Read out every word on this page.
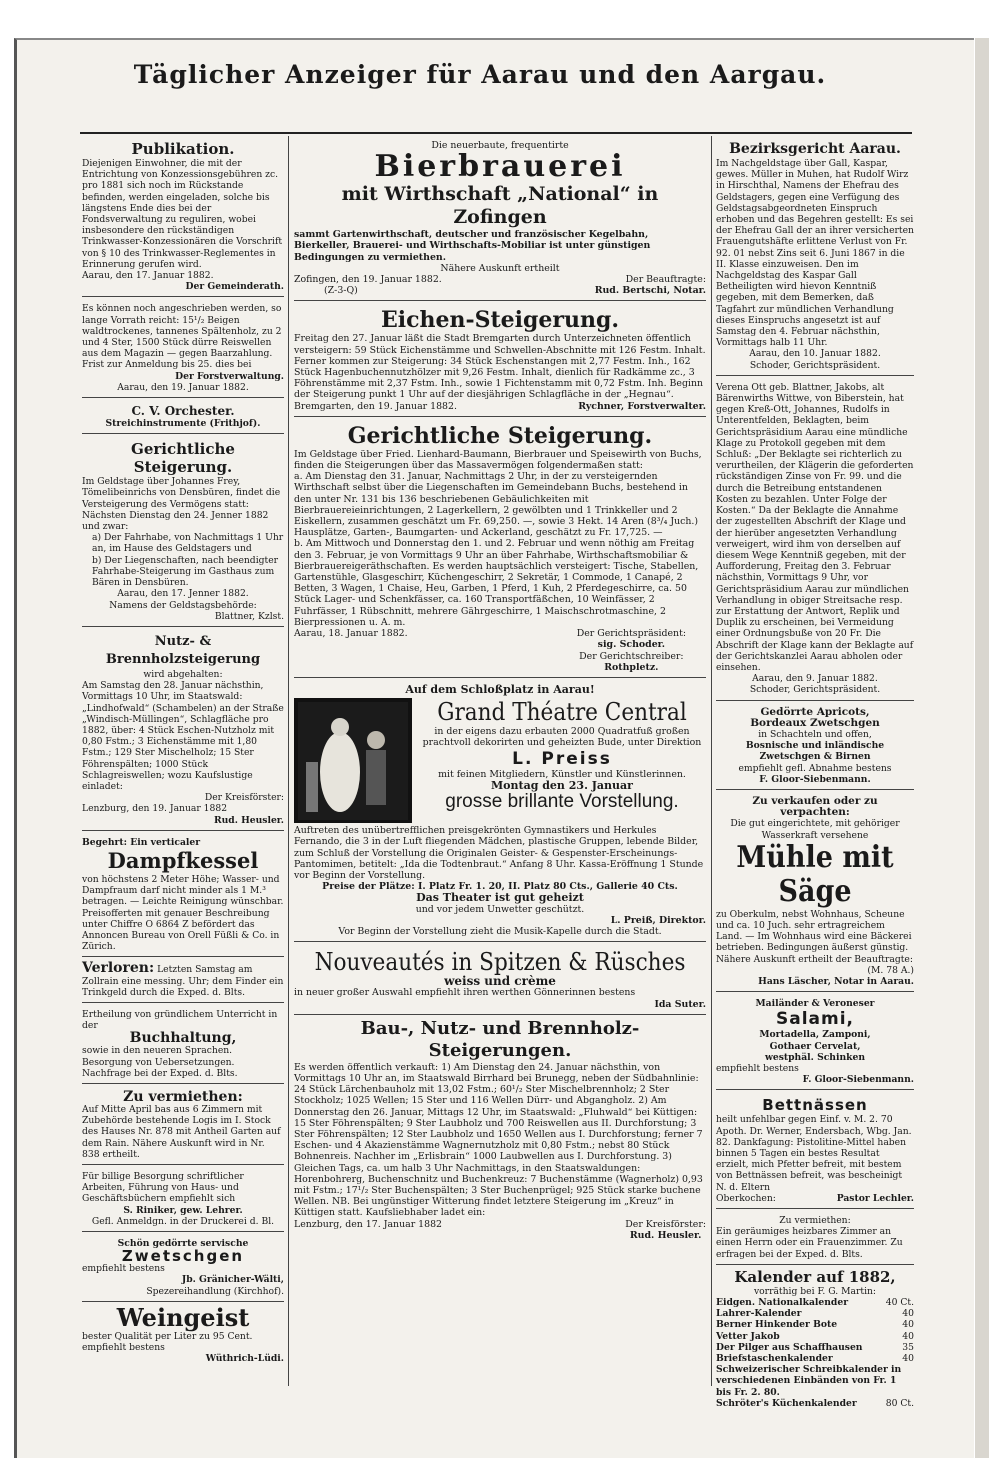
Täglicher Anzeiger für Aarau und den Aargau.

Publikation.

Diejenigen Einwohner, die mit der Entrichtung von Konzessionsgebühren zc. pro 1881 sich noch im Rückstande befinden, werden eingeladen, solche bis längstens Ende dies bei der Fondsverwaltung zu reguliren, wobei insbesondere den rückständigen Trinkwasser-Konzessionären die Vorschrift von § 10 des Trinkwasser-Reglementes in Erinnerung gerufen wird.

Aarau, den 17. Januar 1882.

Der Gemeinderath.

Es können noch angeschrieben werden, so lange Vorrath reicht: 15¹/₂ Beigen waldtrockenes, tannenes Spältenholz, zu 2 und 4 Ster, 1500 Stück dürre Reiswellen aus dem Magazin — gegen Baarzahlung. Frist zur Anmeldung bis 25. dies bei

Der Forstverwaltung.

Aarau, den 19. Januar 1882.

C. V. Orchester.

Streichinstrumente (Frithjof).

Gerichtliche Steigerung.

Im Geldstage über Johannes Frey, Tömelibeinrichs von Densbüren, findet die Versteigerung des Vermögens statt: Nächsten Dienstag den 24. Jenner 1882 und zwar:

a) Der Fahrhabe, von Nachmittags 1 Uhr an, im Hause des Geldstagers und

b) Der Liegenschaften, nach beendigter Fahrhabe-Steigerung im Gasthaus zum Bären in Densbüren.

Aarau, den 17. Jenner 1882.

Namens der Geldstagsbehörde:

Blattner, Kzlst.

Nutz- & Brennholzsteigerung

wird abgehalten:

Am Samstag den 28. Januar nächsthin, Vormittags 10 Uhr, im Staatswald: „Lindhofwald“ (Schambelen) an der Straße „Windisch-Müllingen“, Schlagfläche pro 1882, über: 4 Stück Eschen-Nutzholz mit 0,80 Fstm.; 3 Eichenstämme mit 1,80 Fstm.; 129 Ster Mischelholz; 15 Ster Föhrenspälten; 1000 Stück Schlagreiswellen; wozu Kaufslustige einladet:

Der Kreisförster:

Lenzburg, den 19. Januar 1882

Rud. Heusler.

Begehrt: Ein verticaler

Dampfkessel

von höchstens 2 Meter Höhe; Wasser- und Dampfraum darf nicht minder als 1 M.³ betragen. — Leichte Reinigung wünschbar. Preisofferten mit genauer Beschreibung unter Chiffre O 6864 Z befördert das Annoncen Bureau von Orell Füßli & Co. in Zürich.

Verloren: Letzten Samstag am Zollrain eine messing. Uhr; dem Finder ein Trinkgeld durch die Exped. d. Blts.

Ertheilung von gründlichem Unterricht in der

Buchhaltung,

sowie in den neueren Sprachen. Besorgung von Uebersetzungen. Nachfrage bei der Exped. d. Blts.

Zu vermiethen:

Auf Mitte April bas aus 6 Zimmern mit Zubehörde bestehende Logis im I. Stock des Hauses Nr. 878 mit Antheil Garten auf dem Rain. Nähere Auskunft wird in Nr. 838 ertheilt.

Für billige Besorgung schriftlicher Arbeiten, Führung von Haus- und Geschäftsbüchern empfiehlt sich

S. Riniker, gew. Lehrer.

Gefl. Anmeldgn. in der Druckerei d. Bl.

Schön gedörrte servische

Zwetschgen

empfiehlt bestens

Jb. Gränicher-Wälti,

Spezereihandlung (Kirchhof).

Weingeist

bester Qualität per Liter zu 95 Cent. empfiehlt bestens

Wüthrich-Lüdi.

Die neuerbaute, frequentirte

Bierbrauerei

mit Wirthschaft „National“ in Zofingen

sammt Gartenwirthschaft, deutscher und französischer Kegelbahn, Bierkeller, Brauerei- und Wirthschafts-Mobiliar ist unter günstigen Bedingungen zu vermiethen.

Nähere Auskunft ertheilt

Zofingen, den 19. Januar 1882.

(Z-3-Q)

Der Beauftragte:

Rud. Bertschi, Notar.

Eichen-Steigerung.

Freitag den 27. Januar läßt die Stadt Bremgarten durch Unterzeichneten öffentlich versteigern: 59 Stück Eichenstämme und Schwellen-Abschnitte mit 126 Festm. Inhalt. Ferner kommen zur Steigerung: 34 Stück Eschenstangen mit 2,77 Festm. Inh., 162 Stück Hagenbuchennutzhölzer mit 9,26 Festm. Inhalt, dienlich für Radkämme zc., 3 Föhrenstämme mit 2,37 Fstm. Inh., sowie 1 Fichtenstamm mit 0,72 Fstm. Inh. Beginn der Steigerung punkt 1 Uhr auf der diesjährigen Schlagfläche in der „Hegnau“.

Bremgarten, den 19. Januar 1882.	Rychner, Forstverwalter.

Gerichtliche Steigerung.

Im Geldstage über Fried. Lienhard-Baumann, Bierbrauer und Speisewirth von Buchs, finden die Steigerungen über das Massavermögen folgendermaßen statt:

a. Am Dienstag den 31. Januar, Nachmittags 2 Uhr, in der zu versteigernden Wirthschaft selbst über die Liegenschaften im Gemeindebann Buchs, bestehend in den unter Nr. 131 bis 136 beschriebenen Gebäulichkeiten mit Bierbrauereieinrichtungen, 2 Lagerkellern, 2 gewölbten und 1 Trinkkeller und 2 Eiskellern, zusammen geschätzt um Fr. 69,250. —, sowie 3 Hekt. 14 Aren (8³/₄ Juch.) Hausplätze, Garten-, Baumgarten- und Ackerland, geschätzt zu Fr. 17,725. —

b. Am Mittwoch und Donnerstag den 1. und 2. Februar und wenn nöthig am Freitag den 3. Februar, je von Vormittags 9 Uhr an über Fahrhabe, Wirthschaftsmobiliar & Bierbrauereigeräthschaften. Es werden hauptsächlich versteigert: Tische, Stabellen, Gartenstühle, Glasgeschirr, Küchengeschirr, 2 Sekretär, 1 Commode, 1 Canapé, 2 Betten, 3 Wagen, 1 Chaise, Heu, Garben, 1 Pferd, 1 Kuh, 2 Pferdegeschirre, ca. 50 Stück Lager- und Schenkfässer, ca. 160 Transportfäßchen, 10 Weinfässer, 2 Fuhrfässer, 1 Rübschnitt, mehrere Gährgeschirre, 1 Maischschrotmaschine, 2 Bierpressionen u. A. m.

Aarau, 18. Januar 1882.	Der Gerichtspräsident:

sig. Schoder.

Der Gerichtschreiber:

Rothpletz.

Auf dem Schloßplatz in Aarau!

Grand Théatre Central

in der eigens dazu erbauten 2000 Quadratfuß großen prachtvoll dekorirten und geheizten Bude, unter Direktion

L. Preiss

mit feinen Mitgliedern, Künstler und Künstlerinnen.

Montag den 23. Januar

grosse brillante Vorstellung.

Auftreten des unübertrefflichen preisgekrönten Gymnastikers und Herkules Fernando, die 3 in der Luft fliegenden Mädchen, plastische Gruppen, lebende Bilder, zum Schluß der Vorstellung die Originalen Geister- & Gespenster-Erscheinungs-Pantomimen, betitelt: „Ida die Todtenbraut.“ Anfang 8 Uhr. Kassa-Eröffnung 1 Stunde vor Beginn der Vorstellung.

Preise der Plätze: I. Platz Fr. 1. 20, II. Platz 80 Cts., Gallerie 40 Cts.

Das Theater ist gut geheizt

und vor jedem Unwetter geschützt.

L. Preiß, Direktor.

Vor Beginn der Vorstellung zieht die Musik-Kapelle durch die Stadt.

Nouveautés in Spitzen & Rüsches

weiss und crème

in neuer großer Auswahl empfiehlt ihren werthen Gönnerinnen bestens

Ida Suter.

Bau-, Nutz- und Brennholz-Steigerungen.

Es werden öffentlich verkauft: 1) Am Dienstag den 24. Januar nächsthin, von Vormittags 10 Uhr an, im Staatswald Birrhard bei Brunegg, neben der Südbahnlinie: 24 Stück Lärchenbauholz mit 13,02 Fstm.; 60¹/₂ Ster Mischelbrennholz; 2 Ster Stockholz; 1025 Wellen; 15 Ster und 116 Wellen Dürr- und Abgangholz. 2) Am Donnerstag den 26. Januar, Mittags 12 Uhr, im Staatswald: „Fluhwald“ bei Küttigen: 15 Ster Föhrenspälten; 9 Ster Laubholz und 700 Reiswellen aus II. Durchforstung; 3 Ster Föhrenspälten; 12 Ster Laubholz und 1650 Wellen aus I. Durchforstung; ferner 7 Eschen- und 4 Akazienstämme Wagnernutzholz mit 0,80 Fstm.; nebst 80 Stück Bohnenreis. Nachher im „Erlisbrain“ 1000 Laubwellen aus I. Durchforstung. 3) Gleichen Tags, ca. um halb 3 Uhr Nachmittags, in den Staatswaldungen: Horenbohrerg, Buchenschnitz und Buchenkreuz: 7 Buchenstämme (Wagnerholz) 0,93 mit Fstm.; 17¹/₂ Ster Buchenspälten; 3 Ster Buchenprügel; 925 Stück starke buchene Wellen. NB. Bei ungünstiger Witterung findet letztere Steigerung im „Kreuz“ in Küttigen statt. Kaufsliebhaber ladet ein:

Lenzburg, den 17. Januar 1882	Der Kreisförster:

Rud. Heusler.

Bezirksgericht Aarau.

Im Nachgeldstage über Gall, Kaspar, gewes. Müller in Muhen, hat Rudolf Wirz in Hirschthal, Namens der Ehefrau des Geldstagers, gegen eine Verfügung des Geldstagsabgeordneten Einspruch erhoben und das Begehren gestellt: Es sei der Ehefrau Gall der an ihrer versicherten Frauengutshäfte erlittene Verlust von Fr. 92. 01 nebst Zins seit 6. Juni 1867 in die II. Klasse einzuweisen. Den im Nachgeldstag des Kaspar Gall Betheiligten wird hievon Kenntniß gegeben, mit dem Bemerken, daß Tagfahrt zur mündlichen Verhandlung dieses Einspruchs angesetzt ist auf Samstag den 4. Februar nächsthin, Vormittags halb 11 Uhr.

Aarau, den 10. Januar 1882.

Schoder, Gerichtspräsident.

Verena Ott geb. Blattner, Jakobs, alt Bärenwirths Wittwe, von Biberstein, hat gegen Kreß-Ott, Johannes, Rudolfs in Unterentfelden, Beklagten, beim Gerichtspräsidium Aarau eine mündliche Klage zu Protokoll gegeben mit dem Schluß: „Der Beklagte sei richterlich zu verurtheilen, der Klägerin die geforderten rückständigen Zinse von Fr. 99. und die durch die Betreibung entstandenen Kosten zu bezahlen. Unter Folge der Kosten.“ Da der Beklagte die Annahme der zugestellten Abschrift der Klage und der hierüber angesetzten Verhandlung verweigert, wird ihm von derselben auf diesem Wege Kenntniß gegeben, mit der Aufforderung, Freitag den 3. Februar nächsthin, Vormittags 9 Uhr, vor Gerichtspräsidium Aarau zur mündlichen Verhandlung in obiger Streitsache resp. zur Erstattung der Antwort, Replik und Duplik zu erscheinen, bei Vermeidung einer Ordnungsbuße von 20 Fr. Die Abschrift der Klage kann der Beklagte auf der Gerichtskanzlei Aarau abholen oder einsehen.

Aarau, den 9. Januar 1882.

Schoder, Gerichtspräsident.

Gedörrte Apricots,

Bordeaux Zwetschgen

in Schachteln und offen,

Bosnische und inländische

Zwetschgen & Birnen

empfiehlt gefl. Abnahme bestens

F. Gloor-Siebenmann.

Zu verkaufen oder zu verpachten:

Die gut eingerichtete, mit gehöriger Wasserkraft versehene

Mühle mit Säge

zu Oberkulm, nebst Wohnhaus, Scheune und ca. 10 Juch. sehr ertragreichem Land. — Im Wohnhaus wird eine Bäckerei betrieben. Bedingungen äußerst günstig. Nähere Auskunft ertheilt der Beauftragte:

(M. 78 A.)

Hans Läscher, Notar in Aarau.

Mailänder & Veroneser

Salami,

Mortadella, Zamponi,

Gothaer Cervelat,

westphäl. Schinken

empfiehlt bestens

F. Gloor-Siebenmann.

Bettnässen

heilt unfehlbar gegen Einf. v. M. 2. 70 Apoth. Dr. Werner, Endersbach, Wbg. Jan. 82. Dankfagung: Pistolitine-Mittel haben binnen 5 Tagen ein bestes Resultat erzielt, mich Pfetter befreit, mit bestem von Bettnässen befreit, was bescheinigt N. d. Eltern

Oberkochen:	Pastor Lechler.

Zu vermiethen:

Ein geräumiges heizbares Zimmer an einen Herrn oder ein Frauenzimmer. Zu erfragen bei der Exped. d. Blts.

Kalender auf 1882,

vorräthig bei F. G. Martin:

Eidgen. Nationalkalender	40 Ct.
Lahrer-Kalender	40
Berner Hinkender Bote	40
Vetter Jakob	40
Der Pilger aus Schaffhausen	35
Briefstaschenkalender	40

Schweizerischer Schreibkalender in verschiedenen Einbänden von Fr. 1 bis Fr. 2. 80.

Schröter's Küchenkalender	80 Ct.
